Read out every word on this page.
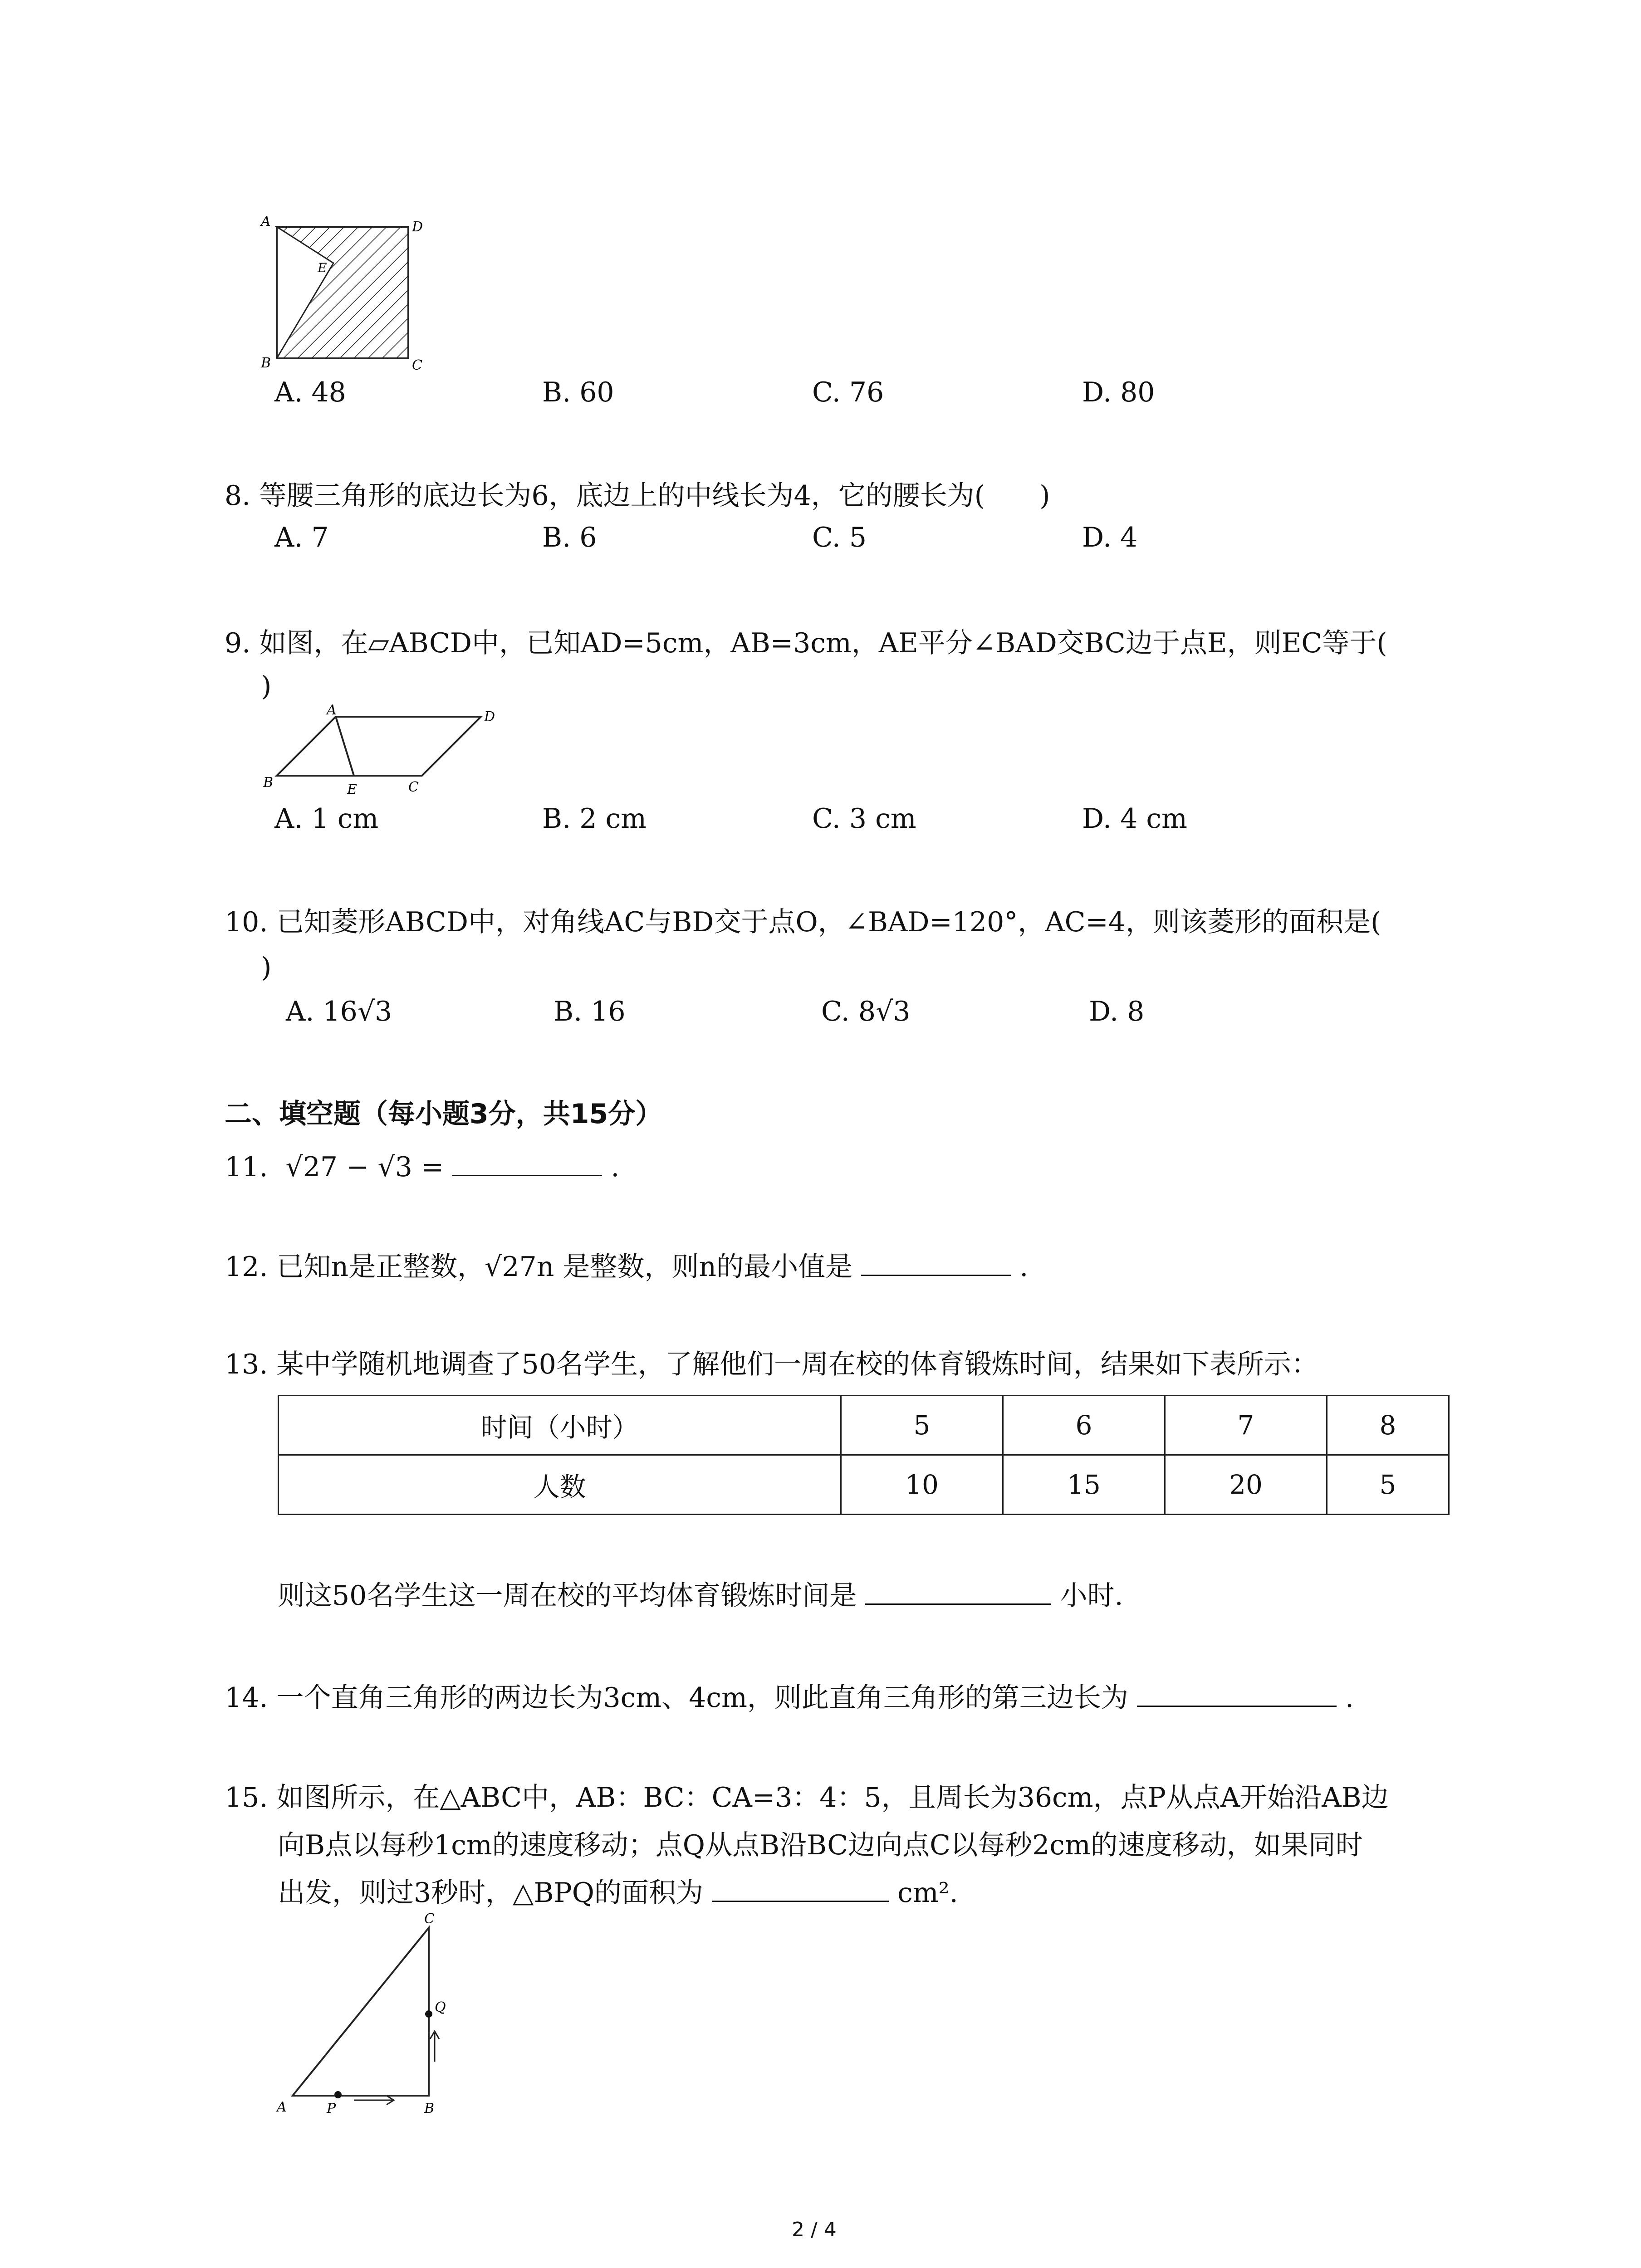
A	D
B	C
E
A. 48	B. 60	C. 76	D. 80
8. 等腰三角形的底边长为6，底边上的中线长为4，它的腰长为(　　)
A. 7	B. 6	C. 5	D. 4
9. 如图，在▱ABCD中，已知AD=5cm，AB=3cm，AE平分∠BAD交BC边于点E，则EC等于(
)
A	D
B	E	C
A. 1 cm	B. 2 cm	C. 3 cm	D. 4 cm
10. 已知菱形ABCD中，对角线AC与BD交于点O，∠BAD=120°，AC=4，则该菱形的面积是(
)
A. 16√3	B. 16	C. 8√3	D. 8
二、填空题（每小题3分，共15分）
11. √27 − √3 =	.
12. 已知n是正整数，√27n 是整数，则n的最小值是	.
13. 某中学随机地调查了50名学生，了解他们一周在校的体育锻炼时间，结果如下表所示：
时间（小时）	5	6	7	8
人数	10	15	20	5
则这50名学生这一周在校的平均体育锻炼时间是	小时.
14. 一个直角三角形的两边长为3cm、4cm，则此直角三角形的第三边长为	.
15. 如图所示，在△ABC中，AB：BC：CA=3：4：5，且周长为36cm，点P从点A开始沿AB边
向B点以每秒1cm的速度移动；点Q从点B沿BC边向点C以每秒2cm的速度移动，如果同时
出发，则过3秒时，△BPQ的面积为	cm².
A	P	B
C
Q
2 / 4
